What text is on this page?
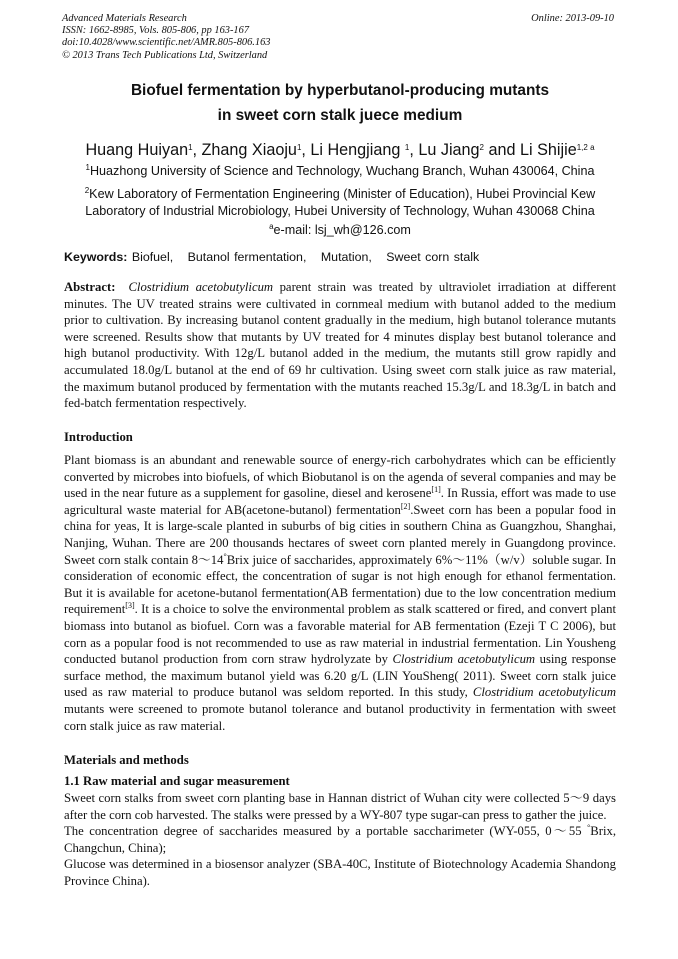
Advanced Materials Research
ISSN: 1662-8985, Vols. 805-806, pp 163-167
doi:10.4028/www.scientific.net/AMR.805-806.163
© 2013 Trans Tech Publications Ltd, Switzerland
Online: 2013-09-10
Biofuel fermentation by hyperbutanol-producing mutants
in sweet corn stalk juece medium
Huang Huiyan$^1$, Zhang Xiaoju$^1$, Li Hengjiang $^1$, Lu Jiang$^2$ and Li Shijie$^{1,2 a}$
$^1$Huazhong University of Science and Technology, Wuchang Branch, Wuhan 430064, China
$^2$Kew Laboratory of Fermentation Engineering (Minister of Education), Hubei Provincial Kew
Laboratory of Industrial Microbiology, Hubei University of Technology, Wuhan 430068 China
$^a$e-mail: lsj_wh@126.com
Keywords: Biofuel, Butanol fermentation, Mutation, Sweet corn stalk

Abstract: Clostridium acetobutylicum parent strain was treated by ultraviolet irradiation at different minutes. The UV treated strains were cultivated in cornmeal medium with butanol added to the medium prior to cultivation. By increasing butanol content gradually in the medium, high butanol tolerance mutants were screened. Results show that mutants by UV treated for 4 minutes display best butanol tolerance and high butanol productivity. With 12g/L butanol added in the medium, the mutants still grow rapidly and accumulated 18.0g/L butanol at the end of 69 hr cultivation. Using sweet corn stalk juice as raw material, the maximum butanol produced by fermentation with the mutants reached 15.3g/L and 18.3g/L in batch and fed-batch fermentation respectively.

Introduction

Plant biomass is an abundant and renewable source of energy-rich carbohydrates which can be efficiently converted by microbes into biofuels, of which Biobutanol is on the agenda of several companies and may be used in the near future as a supplement for gasoline, diesel and kerosene[1]. In Russia, effort was made to use agricultural waste material for AB(acetone-butanol) fermentation[2].Sweet corn has been a popular food in china for yeas, It is large-scale planted in suburbs of big cities in southern China as Guangzhou, Shanghai, Nanjing, Wuhan. There are 200 thousands hectares of sweet corn planted merely in Guangdong province. Sweet corn stalk contain 8～14°Brix juice of saccharides, approximately 6%～11%（w/v）soluble sugar. In consideration of economic effect, the concentration of sugar is not high enough for ethanol fermentation. But it is available for acetone-butanol fermentation(AB fermentation) due to the low concentration medium requirement[3]. It is a choice to solve the environmental problem as stalk scattered or fired, and convert plant biomass into butanol as biofuel. Corn was a favorable material for AB fermentation (Ezeji T C 2006), but corn as a popular food is not recommended to use as raw material in industrial fermentation. Lin Yousheng conducted butanol production from corn straw hydrolyzate by Clostridium acetobutylicum using response surface method, the maximum butanol yield was 6.20 g/L (LIN YouSheng( 2011). Sweet corn stalk juice used as raw material to produce butanol was seldom reported. In this study, Clostridium acetobutylicum mutants were screened to promote butanol tolerance and butanol productivity in fermentation with sweet corn stalk juice as raw material.

Materials and methods
1.1 Raw material and sugar measurement

Sweet corn stalks from sweet corn planting base in Hannan district of Wuhan city were collected 5～9 days after the corn cob harvested. The stalks were pressed by a WY-807 type sugar-can press to gather the juice.

The concentration degree of saccharides measured by a portable saccharimeter (WY-055, 0～55 °Brix, Changchun, China);

Glucose was determined in a biosensor analyzer (SBA-40C, Institute of Biotechnology Academia Shandong Province China).
